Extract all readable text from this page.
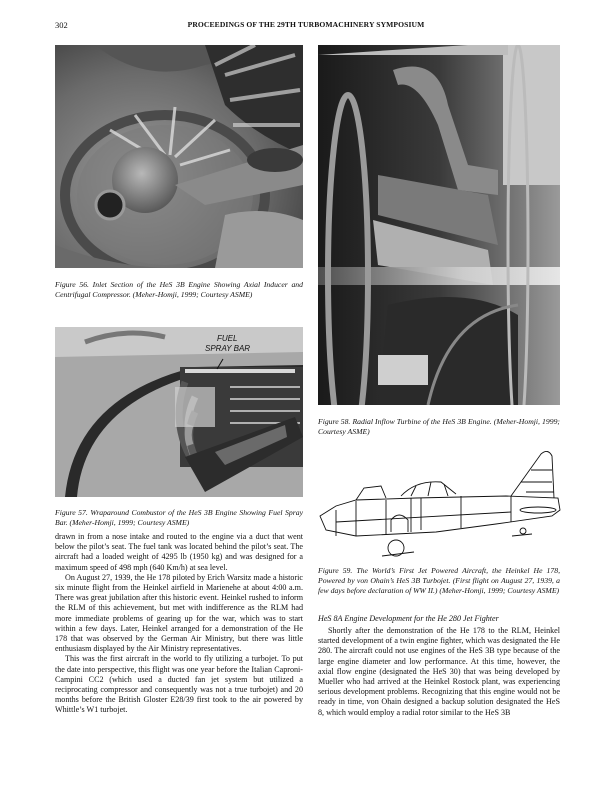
302	PROCEEDINGS OF THE 29TH TURBOMACHINERY SYMPOSIUM
Figure 56. Inlet Section of the HeS 3B Engine Showing Axial Inducer and Centrifugal Compressor. (Meher-Homji, 1999; Courtesy ASME)
FUEL
SPRAY BAR
Figure 57. Wraparound Combustor of the HeS 3B Engine Showing Fuel Spray Bar. (Meher-Homji, 1999; Courtesy ASME)

drawn in from a nose intake and routed to the engine via a duct that went below the pilot’s seat. The fuel tank was located behind the pilot’s seat. The aircraft had a loaded weight of 4295 lb (1950 kg) and was designed for a maximum speed of 498 mph (640 Km/h) at sea level.

On August 27, 1939, the He 178 piloted by Erich Warsitz made a historic six minute flight from the Heinkel airfield in Marienehe at about 4:00 a.m. There was great jubilation after this historic event. Heinkel rushed to inform the RLM of this achievement, but met with indifference as the RLM had more immediate problems of gearing up for the war, which was to start within a few days. Later, Heinkel arranged for a demonstration of the He 178 that was observed by the German Air Ministry, but there was little enthusiasm displayed by the Air Ministry representatives.

This was the first aircraft in the world to fly utilizing a turbojet. To put the date into perspective, this flight was one year before the Italian Caproni-Campini CC2 (which used a ducted fan jet system but utilized a reciprocating compressor and consequently was not a true turbojet) and 20 months before the British Gloster E28/39 first took to the air powered by Whittle’s W1 turbojet.

Figure 58. Radial Inflow Turbine of the HeS 3B Engine. (Meher-Homji, 1999; Courtesy ASME)
Figure 59. The World’s First Jet Powered Aircraft, the Heinkel He 178, Powered by von Ohain’s HeS 3B Turbojet. (First flight on August 27, 1939, a few days before declaration of WW II.) (Meher-Homji, 1999; Courtesy ASME)
HeS 8A Engine Development for the He 280 Jet Fighter

Shortly after the demonstration of the He 178 to the RLM, Heinkel started development of a twin engine fighter, which was designated the He 280. The aircraft could not use engines of the HeS 3B type because of the large engine diameter and low performance. At this time, however, the axial flow engine (designated the HeS 30) that was being developed by Mueller who had arrived at the Heinkel Rostock plant, was experiencing serious development problems. Recognizing that this engine would not be ready in time, von Ohain designed a backup solution designated the HeS 8, which would employ a radial rotor similar to the HeS 3B
